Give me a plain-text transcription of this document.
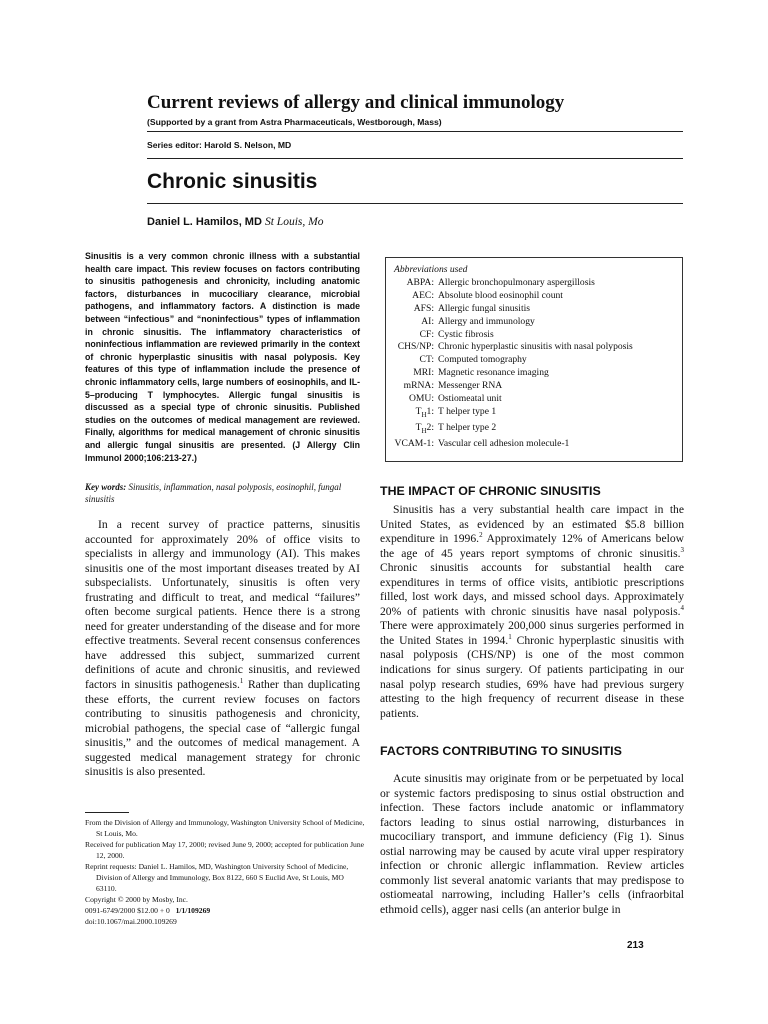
Current reviews of allergy and clinical immunology
(Supported by a grant from Astra Pharmaceuticals, Westborough, Mass)
Series editor: Harold S. Nelson, MD
Chronic sinusitis
Daniel L. Hamilos, MD St Louis, Mo
Sinusitis is a very common chronic illness with a substantial health care impact. This review focuses on factors contributing to sinusitis pathogenesis and chronicity, including anatomic factors, disturbances in mucociliary clearance, microbial pathogens, and inflammatory factors. A distinction is made between “infectious” and “noninfectious” types of inflammation in chronic sinusitis. The inflammatory characteristics of noninfectious inflammation are reviewed primarily in the context of chronic hyperplastic sinusitis with nasal polyposis. Key features of this type of inflammation include the presence of chronic inflammatory cells, large numbers of eosinophils, and IL-5–producing T lymphocytes. Allergic fungal sinusitis is discussed as a special type of chronic sinusitis. Published studies on the outcomes of medical management are reviewed. Finally, algorithms for medical management of chronic sinusitis and allergic fungal sinusitis are presented. (J Allergy Clin Immunol 2000;106:213-27.)
Key words: Sinusitis, inflammation, nasal polyposis, eosinophil, fungal sinusitis

In a recent survey of practice patterns, sinusitis accounted for approximately 20% of office visits to specialists in allergy and immunology (AI). This makes sinusitis one of the most important diseases treated by AI subspecialists. Unfortunately, sinusitis is often very frustrating and difficult to treat, and medical “failures” often become surgical patients. Hence there is a strong need for greater understanding of the disease and for more effective treatments. Several recent consensus conferences have addressed this subject, summarized current definitions of acute and chronic sinusitis, and reviewed factors in sinusitis pathogenesis.$^1$ Rather than duplicating these efforts, the current review focuses on factors contributing to sinusitis pathogenesis and chronicity, microbial pathogens, the special case of “allergic fungal sinusitis,” and the outcomes of medical management. A suggested medical management strategy for chronic sinusitis is also presented.

From the Division of Allergy and Immunology, Washington University School of Medicine, St Louis, Mo.
Received for publication May 17, 2000; revised June 9, 2000; accepted for publication June 12, 2000.
Reprint requests: Daniel L. Hamilos, MD, Washington University School of Medicine, Division of Allergy and Immunology, Box 8122, 660 S Euclid Ave, St Louis, MO 63110.
Copyright © 2000 by Mosby, Inc.
0091-6749/2000 $12.00 + 0 1/1/109269
doi:10.1067/mai.2000.109269
Abbreviations used
ABPA: Allergic bronchopulmonary aspergillosis
AEC: Absolute blood eosinophil count
AFS: Allergic fungal sinusitis
AI: Allergy and immunology
CF: Cystic fibrosis
CHS/NP: Chronic hyperplastic sinusitis with nasal polyposis
CT: Computed tomography
MRI: Magnetic resonance imaging
mRNA: Messenger RNA
OMU: Ostiomeatal unit
$T_H1$: T helper type 1
$T_H2$: T helper type 2
VCAM-1: Vascular cell adhesion molecule-1
THE IMPACT OF CHRONIC SINUSITIS

Sinusitis has a very substantial health care impact in the United States, as evidenced by an estimated $5.8 billion expenditure in 1996.$^2$ Approximately 12% of Americans below the age of 45 years report symptoms of chronic sinusitis.$^3$ Chronic sinusitis accounts for substantial health care expenditures in terms of office visits, antibiotic prescriptions filled, lost work days, and missed school days. Approximately 20% of patients with chronic sinusitis have nasal polyposis.$^4$ There were approximately 200,000 sinus surgeries performed in the United States in 1994.$^1$ Chronic hyperplastic sinusitis with nasal polyposis (CHS/NP) is one of the most common indications for sinus surgery. Of patients participating in our nasal polyp research studies, 69% have had previous surgery attesting to the high frequency of recurrent disease in these patients.

FACTORS CONTRIBUTING TO SINUSITIS

Acute sinusitis may originate from or be perpetuated by local or systemic factors predisposing to sinus ostial obstruction and infection. These factors include anatomic or inflammatory factors leading to sinus ostial narrowing, disturbances in mucociliary transport, and immune deficiency (Fig 1). Sinus ostial narrowing may be caused by acute viral upper respiratory infection or chronic allergic inflammation. Review articles commonly list several anatomic variants that may predispose to ostiomeatal narrowing, including Haller’s cells (infraorbital ethmoid cells), agger nasi cells (an anterior bulge in

213
